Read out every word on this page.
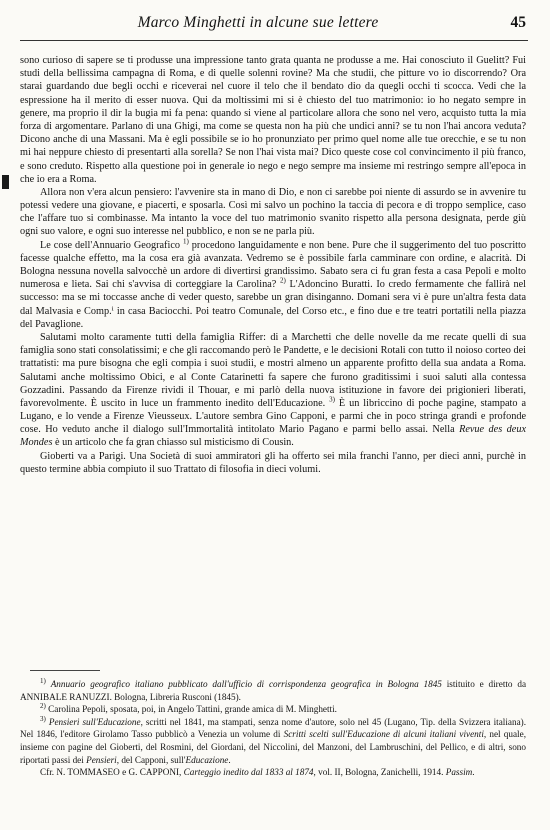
Marco Minghetti in alcune sue lettere	45

sono curioso di sapere se ti produsse una impressione tanto grata quanta ne produsse a me. Hai conosciuto il Guelitt? Fui studi della bellissima campagna di Roma, e di quelle solenni rovine? Ma che studii, che pitture vo io discorrendo? Ora starai guardando due begli occhi e riceverai nel cuore il telo che il bendato dio da quegli occhi ti scocca. Vedi che la espressione ha il merito di esser nuova. Qui da moltissimi mi si è chiesto del tuo matrimonio: io ho negato sempre in genere, ma proprio il dir la bugia mi fa pena: quando si viene al particolare allora che sono nel vero, acquisto tutta la mia forza di argomentare. Parlano di una Ghigi, ma come se questa non ha più che undici anni? se tu non l'hai ancora veduta? Dicono anche di una Massani. Ma è egli possibile se io ho pronunziato per primo quel nome alle tue orecchie, e se tu non mi hai neppure chiesto di presentarti alla sorella? Se non l'hai vista mai? Dico queste cose col convincimento il più franco, e sono creduto. Rispetto alla questione poi in generale io nego e nego sempre ma insieme mi restringo sempre all'epoca in che io era a Roma.

Allora non v'era alcun pensiero: l'avvenire sta in mano di Dio, e non ci sarebbe poi niente di assurdo se in avvenire tu potessi vedere una giovane, e piacerti, e sposarla. Così mi salvo un pochino la taccia di pecora e di troppo semplice, caso che l'affare tuo si combinasse. Ma intanto la voce del tuo matrimonio svanito rispetto alla persona designata, perde giù ogni suo valore, e ogni suo interesse nel pubblico, e non se ne parla più.

Le cose dell'Annuario Geografico $^{1)}$ procedono languidamente e non bene. Pure che il suggerimento del tuo poscritto facesse qualche effetto, ma la cosa era già avanzata. Vedremo se è possibile farla camminare con ordine, e alacrità. Di Bologna nessuna novella salvocchè un ardore di divertirsi grandissimo. Sabato sera ci fu gran festa a casa Pepoli e molto numerosa e lieta. Sai chi s'avvisa di corteggiare la Carolina? $^{2)}$ L'Adoncino Buratti. Io credo fermamente che fallirà nel successo: ma se mi toccasse anche di veder questo, sarebbe un gran disinganno. Domani sera vi è pure un'altra festa data dal Malvasia e Comp.ⁱ in casa Baciocchi. Poi teatro Comunale, del Corso etc., e fino due e tre teatri portatili nella piazza del Pavaglione.

Salutami molto caramente tutti della famiglia Riffer: di a Marchetti che delle novelle da me recate quelli di sua famiglia sono stati consolatissimi; e che gli raccomando però le Pandette, e le decisioni Rotali con tutto il noioso corteo dei trattatisti: ma pure bisogna che egli compia i suoi studii, e mostri almeno un apparente profitto della sua andata a Roma. Salutami anche moltissimo Obici, e al Conte Catarinetti fa sapere che furono graditissimi i suoi saluti alla contessa Gozzadini. Passando da Firenze rividi il Thouar, e mi parlò della nuova istituzione in favore dei prigionieri liberati, favorevolmente. È uscito in luce un frammento inedito dell'Educazione. $^{3)}$ È un libriccino di poche pagine, stampato a Lugano, e lo vende a Firenze Vieusseux. L'autore sembra Gino Capponi, e parmi che in poco stringa grandi e profonde cose. Ho veduto anche il dialogo sull'Immortalità intitolato Mario Pagano e parmi bello assai. Nella Revue des deux Mondes è un articolo che fa gran chiasso sul misticismo di Cousin.

Gioberti va a Parigi. Una Società di suoi ammiratori gli ha offerto sei mila franchi l'anno, per dieci anni, purchè in questo termine abbia compiuto il suo Trattato di filosofia in dieci volumi.

$^{1)}$ Annuario geografico italiano pubblicato dall'ufficio di corrispondenza geografica in Bologna 1845 istituito e diretto da ANNIBALE RANUZZI. Bologna, Libreria Rusconi (1845).

$^{2)}$ Carolina Pepoli, sposata, poi, in Angelo Tattini, grande amica di M. Minghetti.

$^{3)}$ Pensieri sull'Educazione, scritti nel 1841, ma stampati, senza nome d'autore, solo nel 45 (Lugano, Tip. della Svizzera italiana). Nel 1846, l'editore Girolamo Tasso pubblicò a Venezia un volume di Scritti scelti sull'Educazione di alcuni italiani viventi, nel quale, insieme con pagine del Gioberti, del Rosmini, del Giordani, del Niccolini, del Manzoni, del Lambruschini, del Pellico, e di altri, sono riportati passi dei Pensieri, del Capponi, sull'Educazione.

Cfr. N. TOMMASEO e G. CAPPONI, Carteggio inedito dal 1833 al 1874, vol. II, Bologna, Zanichelli, 1914. Passim.
